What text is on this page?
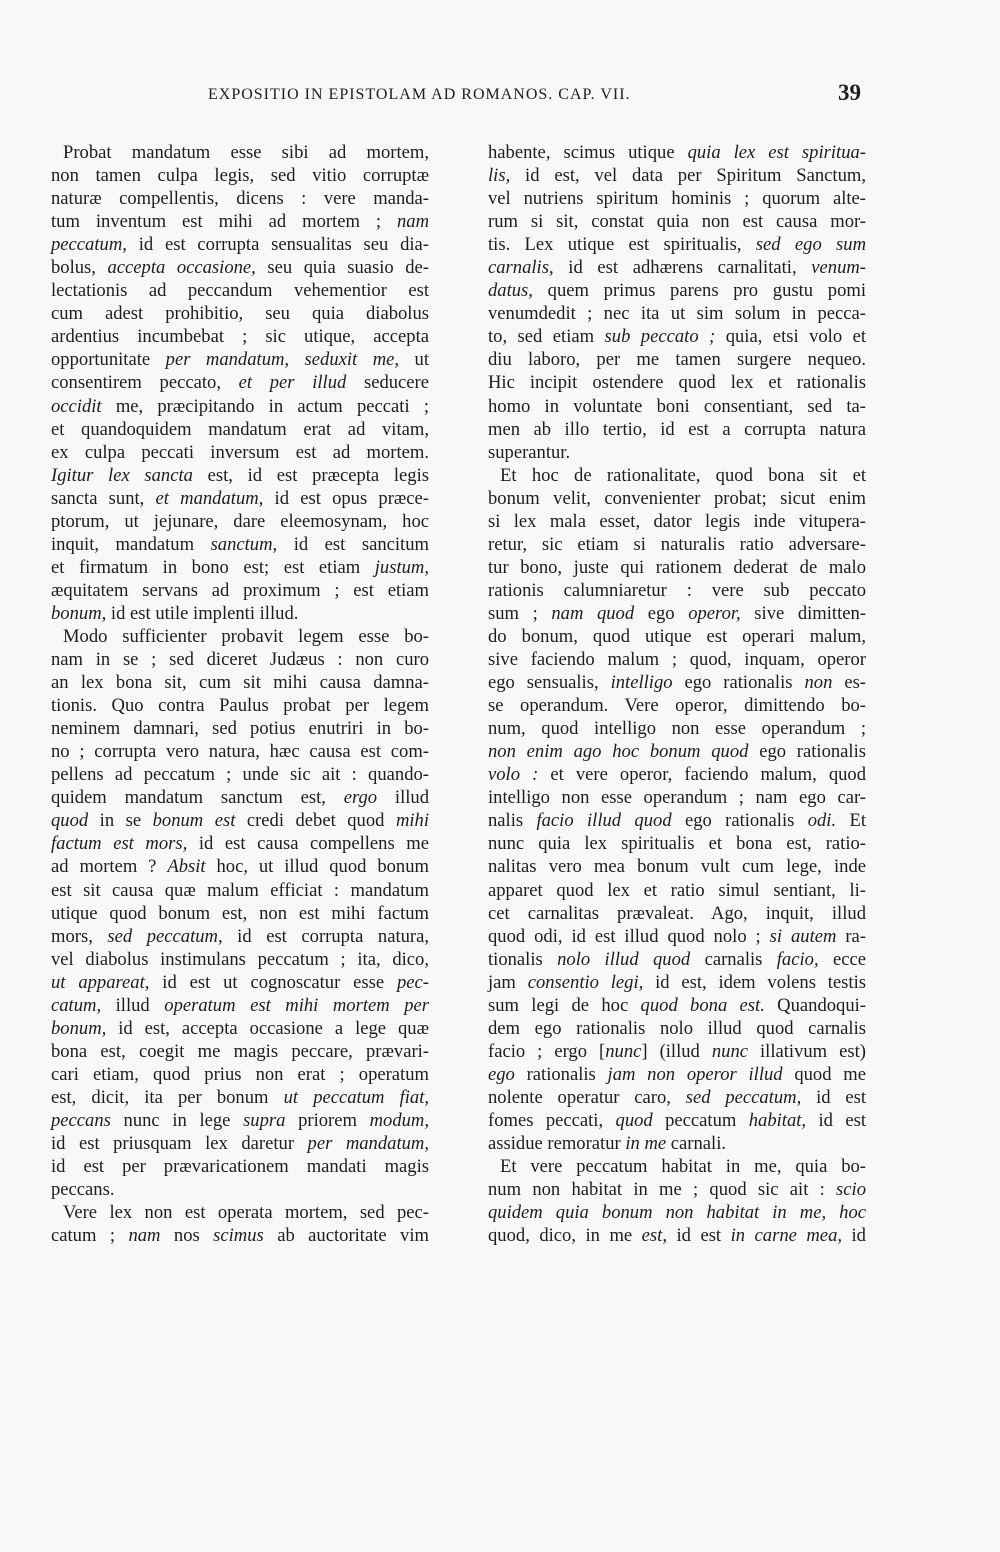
EXPOSITIO IN EPISTOLAM AD ROMANOS. CAP. VII.	39
Probat mandatum esse sibi ad mortem,
non tamen culpa legis, sed vitio corruptæ
naturæ compellentis, dicens : vere manda-
tum inventum est mihi ad mortem ; nam
peccatum, id est corrupta sensualitas seu dia-
bolus, accepta occasione, seu quia suasio de-
lectationis ad peccandum vehementior est
cum adest prohibitio, seu quia diabolus
ardentius incumbebat ; sic utique, accepta
opportunitate per mandatum, seduxit me, ut
consentirem peccato, et per illud seducere
occidit me, præcipitando in actum peccati ;
et quandoquidem mandatum erat ad vitam,
ex culpa peccati inversum est ad mortem.
Igitur lex sancta est, id est præcepta legis
sancta sunt, et mandatum, id est opus præce-
ptorum, ut jejunare, dare eleemosynam, hoc
inquit, mandatum sanctum, id est sancitum
et firmatum in bono est; est etiam justum,
æquitatem servans ad proximum ; est etiam
bonum, id est utile implenti illud.
Modo sufficienter probavit legem esse bo-
nam in se ; sed diceret Judæus : non curo
an lex bona sit, cum sit mihi causa damna-
tionis. Quo contra Paulus probat per legem
neminem damnari, sed potius enutriri in bo-
no ; corrupta vero natura, hæc causa est com-
pellens ad peccatum ; unde sic ait : quando-
quidem mandatum sanctum est, ergo illud
quod in se bonum est credi debet quod mihi
factum est mors, id est causa compellens me
ad mortem ? Absit hoc, ut illud quod bonum
est sit causa quæ malum efficiat : mandatum
utique quod bonum est, non est mihi factum
mors, sed peccatum, id est corrupta natura,
vel diabolus instimulans peccatum ; ita, dico,
ut appareat, id est ut cognoscatur esse pec-
catum, illud operatum est mihi mortem per
bonum, id est, accepta occasione a lege quæ
bona est, coegit me magis peccare, prævari-
cari etiam, quod prius non erat ; operatum
est, dicit, ita per bonum ut peccatum fiat,
peccans nunc in lege supra priorem modum,
id est priusquam lex daretur per mandatum,
id est per prævaricationem mandati magis
peccans.
Vere lex non est operata mortem, sed pec-
catum ; nam nos scimus ab auctoritate vim
habente, scimus utique quia lex est spiritua-
lis, id est, vel data per Spiritum Sanctum,
vel nutriens spiritum hominis ; quorum alte-
rum si sit, constat quia non est causa mor-
tis. Lex utique est spiritualis, sed ego sum
carnalis, id est adhærens carnalitati, venum-
datus, quem primus parens pro gustu pomi
venumdedit ; nec ita ut sim solum in pecca-
to, sed etiam sub peccato ; quia, etsi volo et
diu laboro, per me tamen surgere nequeo.
Hic incipit ostendere quod lex et rationalis
homo in voluntate boni consentiant, sed ta-
men ab illo tertio, id est a corrupta natura
superantur.
Et hoc de rationalitate, quod bona sit et
bonum velit, convenienter probat; sicut enim
si lex mala esset, dator legis inde vitupera-
retur, sic etiam si naturalis ratio adversare-
tur bono, juste qui rationem dederat de malo
rationis calumniaretur : vere sub peccato
sum ; nam quod ego operor, sive dimitten-
do bonum, quod utique est operari malum,
sive faciendo malum ; quod, inquam, operor
ego sensualis, intelligo ego rationalis non es-
se operandum. Vere operor, dimittendo bo-
num, quod intelligo non esse operandum ;
non enim ago hoc bonum quod ego rationalis
volo : et vere operor, faciendo malum, quod
intelligo non esse operandum ; nam ego car-
nalis facio illud quod ego rationalis odi. Et
nunc quia lex spiritualis et bona est, ratio-
nalitas vero mea bonum vult cum lege, inde
apparet quod lex et ratio simul sentiant, li-
cet carnalitas prævaleat. Ago, inquit, illud
quod odi, id est illud quod nolo ; si autem ra-
tionalis nolo illud quod carnalis facio, ecce
jam consentio legi, id est, idem volens testis
sum legi de hoc quod bona est. Quandoqui-
dem ego rationalis nolo illud quod carnalis
facio ; ergo [nunc] (illud nunc illativum est)
ego rationalis jam non operor illud quod me
nolente operatur caro, sed peccatum, id est
fomes peccati, quod peccatum habitat, id est
assidue remoratur in me carnali.
Et vere peccatum habitat in me, quia bo-
num non habitat in me ; quod sic ait : scio
quidem quia bonum non habitat in me, hoc
quod, dico, in me est, id est in carne mea, id
